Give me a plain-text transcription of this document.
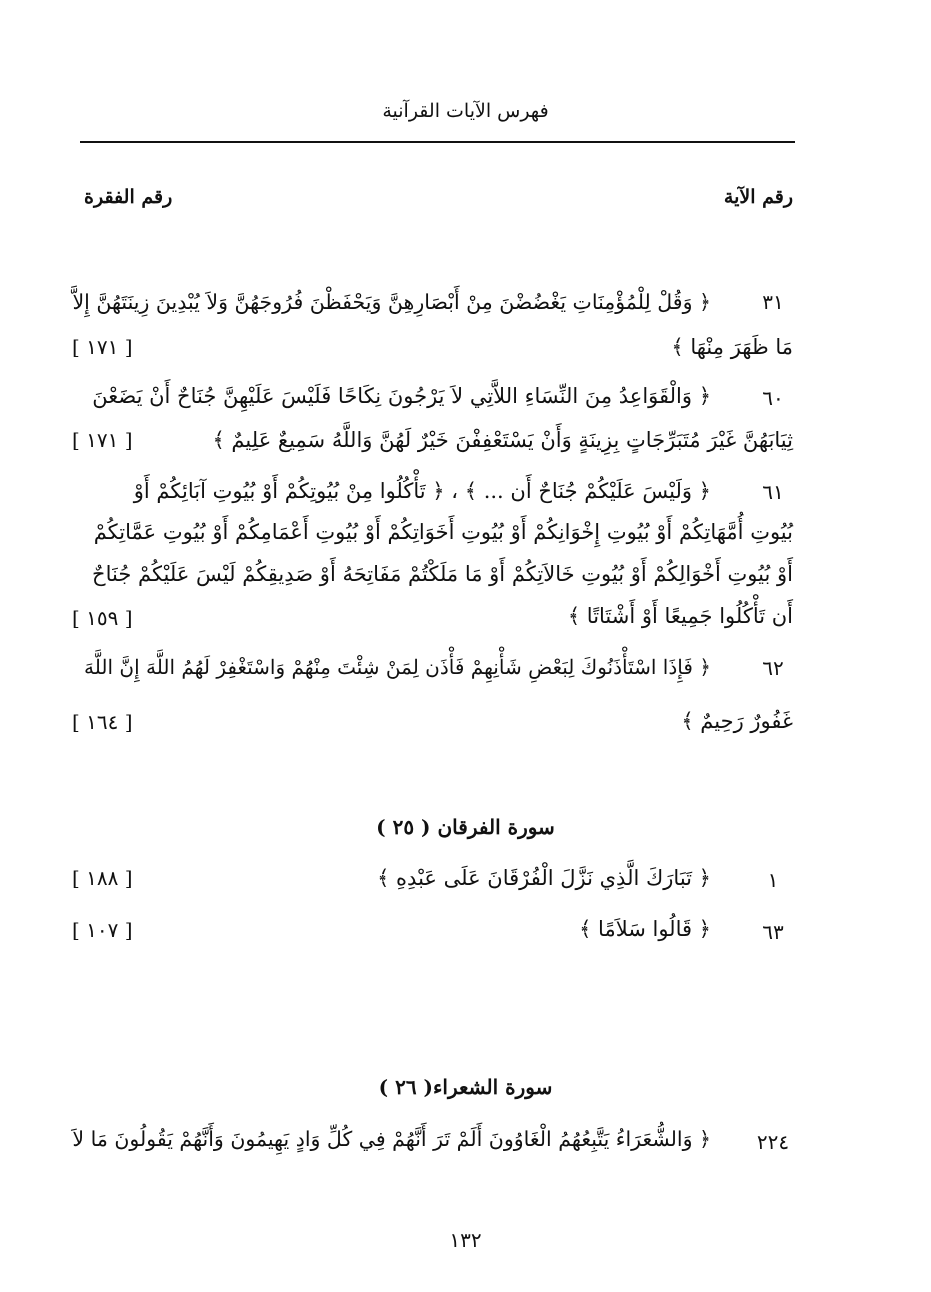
فهرس الآيات القرآنية
رقم الآية
رقم الفقرة
٣١
﴿ وَقُلْ لِلْمُؤْمِنَاتِ يَغْضُضْنَ مِنْ أَبْصَارِهِنَّ وَيَحْفَظْنَ فُرُوجَهُنَّ وَلاَ يُبْدِينَ زِينَتَهُنَّ إِلاَّ
مَا ظَهَرَ مِنْهَا ﴾
[ ١٧١ ]
٦٠
﴿ وَالْقَوَاعِدُ مِنَ النِّسَاءِ اللاَّتِي لاَ يَرْجُونَ نِكَاحًا فَلَيْسَ عَلَيْهِنَّ جُنَاحٌ أَنْ يَضَعْنَ
ثِيَابَهُنَّ غَيْرَ مُتَبَرِّجَاتٍ بِزِينَةٍ وَأَنْ يَسْتَعْفِفْنَ خَيْرٌ لَهُنَّ وَاللَّهُ سَمِيعٌ عَلِيمٌ ﴾
[ ١٧١ ]
٦١
﴿ وَلَيْسَ عَلَيْكُمْ جُنَاحٌ أَن ... ﴾ ، ﴿ تَأْكُلُوا مِنْ بُيُوتِكُمْ أَوْ بُيُوتِ آبَائِكُمْ أَوْ
بُيُوتِ أُمَّهَاتِكُمْ أَوْ بُيُوتِ إِخْوَانِكُمْ أَوْ بُيُوتِ أَخَوَاتِكُمْ أَوْ بُيُوتِ أَعْمَامِكُمْ أَوْ بُيُوتِ عَمَّاتِكُمْ
أَوْ بُيُوتِ أَخْوَالِكُمْ أَوْ بُيُوتِ خَالاَتِكُمْ أَوْ مَا مَلَكْتُمْ مَفَاتِحَهُ أَوْ صَدِيقِكُمْ لَيْسَ عَلَيْكُمْ جُنَاحٌ
أَن تَأْكُلُوا جَمِيعًا أَوْ أَشْتَاتًا ﴾
[ ١٥٩ ]
٦٢
﴿ فَإِذَا اسْتَأْذَنُوكَ لِبَعْضِ شَأْنِهِمْ فَأْذَن لِمَنْ شِئْتَ مِنْهُمْ وَاسْتَغْفِرْ لَهُمُ اللَّهَ إِنَّ اللَّهَ
غَفُورٌ رَحِيمٌ ﴾
[ ١٦٤ ]
( ٢٥ ) سورة الفرقان
١
﴿ تَبَارَكَ الَّذِي نَزَّلَ الْفُرْقَانَ عَلَى عَبْدِهِ ﴾
[ ١٨٨ ]
٦٣
﴿ قَالُوا سَلاَمًا ﴾
[ ١٠٧ ]
( ٢٦ )سورة الشعراء
٢٢٤
﴿ وَالشُّعَرَاءُ يَتَّبِعُهُمُ الْغَاوُونَ أَلَمْ تَرَ أَنَّهُمْ فِي كُلِّ وَادٍ يَهِيمُونَ وَأَنَّهُمْ يَقُولُونَ مَا لاَ
١٣٢
